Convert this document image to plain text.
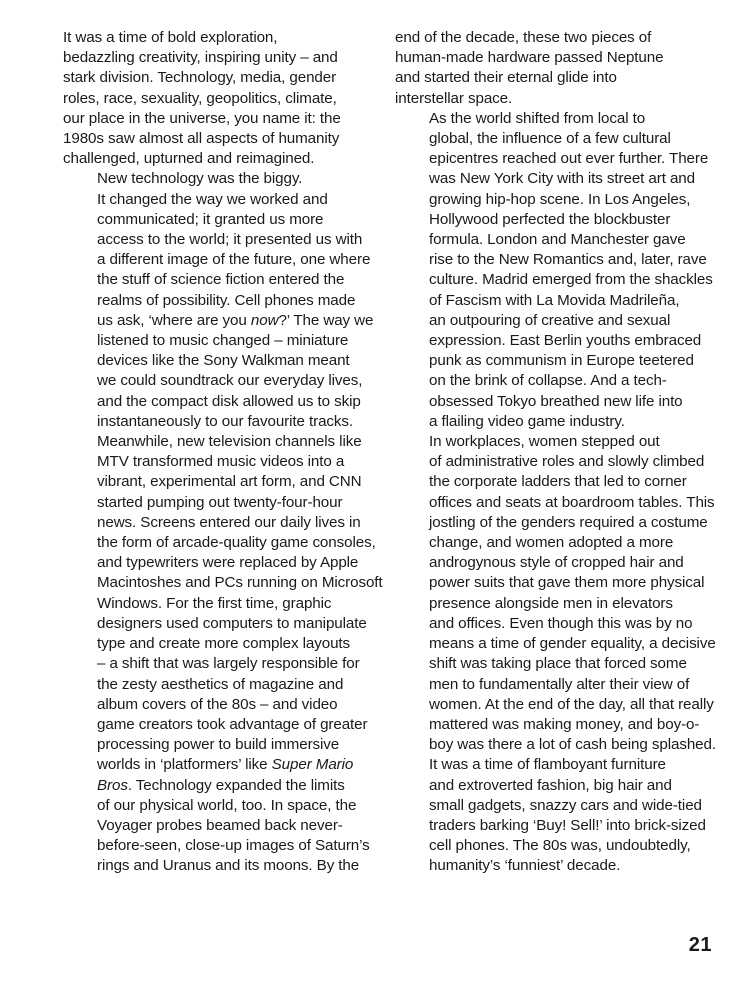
It was a time of bold exploration,
bedazzling creativity, inspiring unity – and
stark division. Technology, media, gender
roles, race, sexuality, geopolitics, climate,
our place in the universe, you name it: the
1980s saw almost all aspects of humanity
challenged, upturned and reimagined.

New technology was the biggy.
It changed the way we worked and
communicated; it granted us more
access to the world; it presented us with
a different image of the future, one where
the stuff of science fiction entered the
realms of possibility. Cell phones made
us ask, ‘where are you now?’ The way we
listened to music changed – miniature
devices like the Sony Walkman meant
we could soundtrack our everyday lives,
and the compact disk allowed us to skip
instantaneously to our favourite tracks.
Meanwhile, new television channels like
MTV transformed music videos into a
vibrant, experimental art form, and CNN
started pumping out twenty-four-hour
news. Screens entered our daily lives in
the form of arcade-quality game consoles,
and typewriters were replaced by Apple
Macintoshes and PCs running on Microsoft
Windows. For the first time, graphic
designers used computers to manipulate
type and create more complex layouts
– a shift that was largely responsible for
the zesty aesthetics of magazine and
album covers of the 80s – and video
game creators took advantage of greater
processing power to build immersive
worlds in ‘platformers’ like Super Mario
Bros. Technology expanded the limits
of our physical world, too. In space, the
Voyager probes beamed back never-
before-seen, close-up images of Saturn’s
rings and Uranus and its moons. By the

end of the decade, these two pieces of
human-made hardware passed Neptune
and started their eternal glide into
interstellar space.

As the world shifted from local to
global, the influence of a few cultural
epicentres reached out ever further. There
was New York City with its street art and
growing hip-hop scene. In Los Angeles,
Hollywood perfected the blockbuster
formula. London and Manchester gave
rise to the New Romantics and, later, rave
culture. Madrid emerged from the shackles
of Fascism with La Movida Madrileña,
an outpouring of creative and sexual
expression. East Berlin youths embraced
punk as communism in Europe teetered
on the brink of collapse. And a tech-
obsessed Tokyo breathed new life into
a flailing video game industry.

In workplaces, women stepped out
of administrative roles and slowly climbed
the corporate ladders that led to corner
offices and seats at boardroom tables. This
jostling of the genders required a costume
change, and women adopted a more
androgynous style of cropped hair and
power suits that gave them more physical
presence alongside men in elevators
and offices. Even though this was by no
means a time of gender equality, a decisive
shift was taking place that forced some
men to fundamentally alter their view of
women. At the end of the day, all that really
mattered was making money, and boy-o-
boy was there a lot of cash being splashed.
It was a time of flamboyant furniture
and extroverted fashion, big hair and
small gadgets, snazzy cars and wide-tied
traders barking ‘Buy! Sell!’ into brick-sized
cell phones. The 80s was, undoubtedly,
humanity’s ‘funniest’ decade.

21
